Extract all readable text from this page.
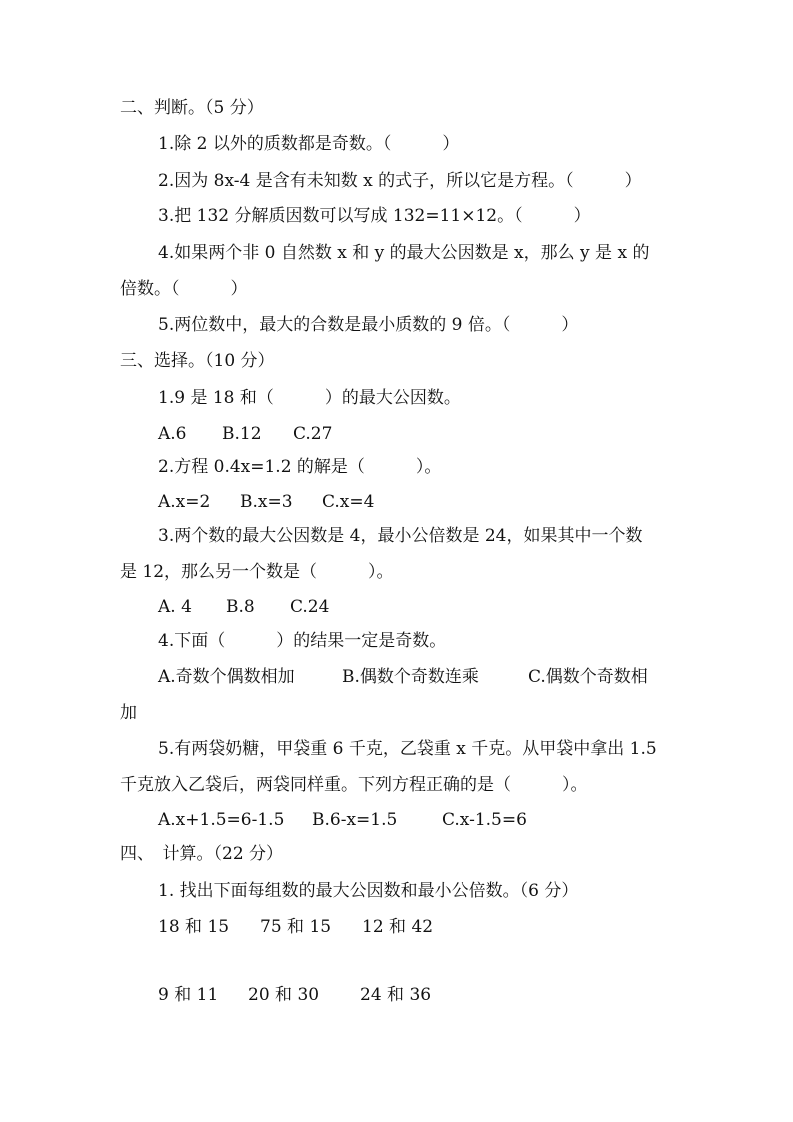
二、判断。（5 分）
1.除 2 以外的质数都是奇数。（　　　）
2.因为 8x-4 是含有未知数 x 的式子，所以它是方程。（　　　）
3.把 132 分解质因数可以写成 132=11×12。（　　　）
4.如果两个非 0 自然数 x 和 y 的最大公因数是 x，那么 y 是 x 的
倍数。（　　　）
5.两位数中，最大的合数是最小质数的 9 倍。（　　　）
三、选择。（10 分）
1.9 是 18 和（　　　）的最大公因数。
A.6 B.12 C.27
2.方程 0.4x=1.2 的解是（　　　）。
A.x=2 B.x=3 C.x=4
3.两个数的最大公因数是 4，最小公倍数是 24，如果其中一个数
是 12，那么另一个数是（　　　）。
A. 4 B.8 C.24
4.下面（　　　）的结果一定是奇数。
A.奇数个偶数相加	B.偶数个奇数连乘	C.偶数个奇数相
加
5.有两袋奶糖，甲袋重 6 千克，乙袋重 x 千克。从甲袋中拿出 1.5
千克放入乙袋后，两袋同样重。下列方程正确的是（　　　）。
A.x+1.5=6-1.5 B.6-x=1.5	C.x-1.5=6
四、　计算。（22 分）
1. 找出下面每组数的最大公因数和最小公倍数。（6 分）
18 和 15 75 和 15 12 和 42
9 和 11 20 和 30 24 和 36
